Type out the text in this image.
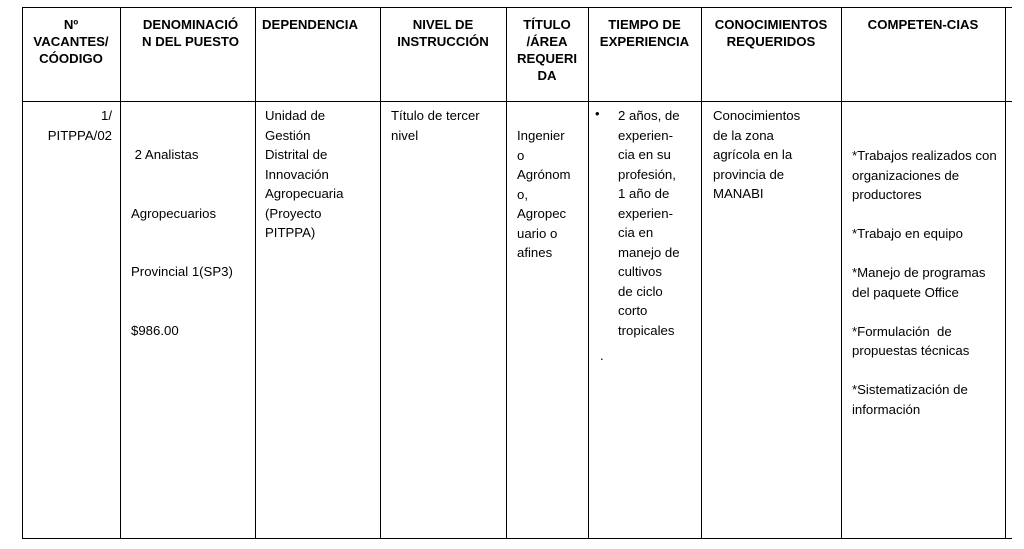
Nº
VACANTES/
CÓODIGO
DENOMINACIÓ
N DEL PUESTO
DEPENDENCIA	NIVEL DE
INSTRUCCIÓN
TÍTULO
/ÁREA
REQUERI
DA
TIEMPO DE
EXPERIENCIA
CONOCIMIENTOS
REQUERIDOS
COMPETEN-CIAS
1/
PITPPA/02

2 Analistas

Agropecuarios

Provincial 1(SP3)

$986.00

Unidad de
Gestión
Distrital de
Innovación
Agropecuaria
(Proyecto
PITPPA)
Título de tercer
nivel	Ingenier
o
Agrónom
o,
Agropec
uario o
afines
• 2 años, de
experien-
cia en su
profesión,
1 año de
experien-
cia en
manejo de
cultivos
de ciclo
corto
tropicales
.
Conocimientos
de la zona
agrícola en la
provincia de
MANABI
*Trabajos realizados con
organizaciones de
productores
*Trabajo en equipo
*Manejo de programas
del paquete Office
*Formulación  de
propuestas técnicas
*Sistematización de
información
